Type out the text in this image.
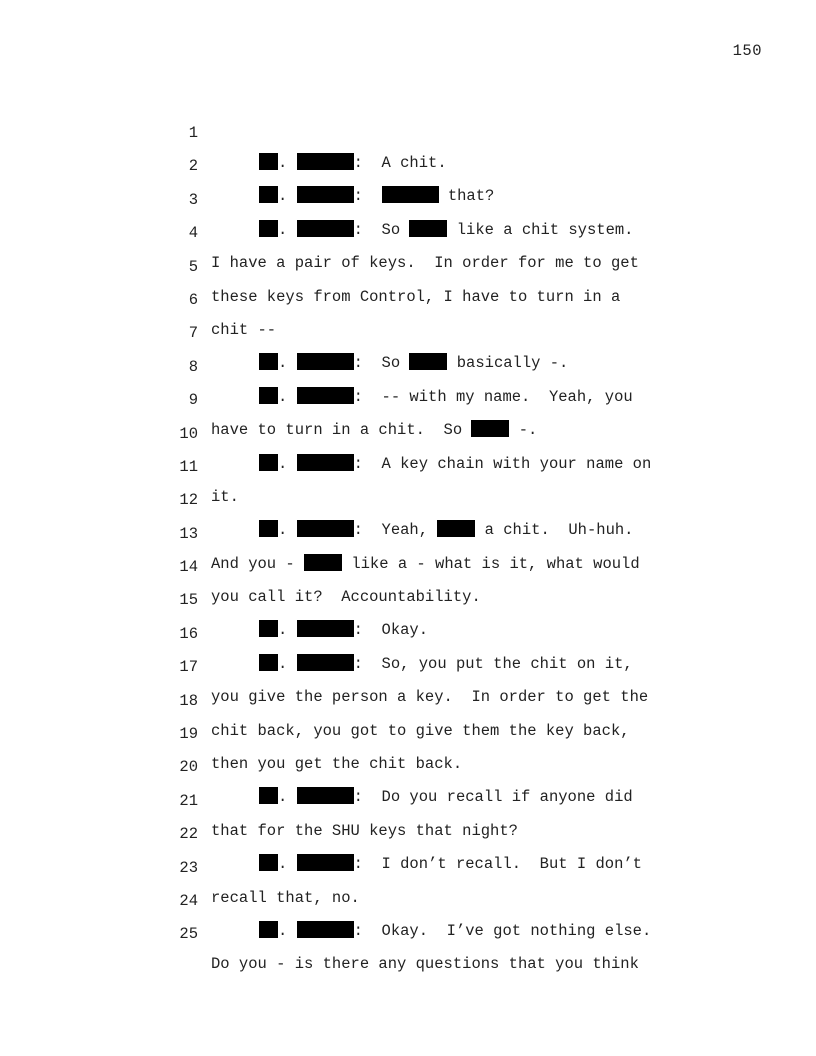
150

1

.	:  A chit.

2

.	:	that?

3

.	:  So  like a chit system.

4

I have a pair of keys.  In order for me to get

5

these keys from Control, I have to turn in a

6

chit --

7

.	:  So  basically -.

8

.	:  -- with my name.  Yeah, you

9

have to turn in a chit.  So  -.

10

.	:  A key chain with your name on

11

it.

12

.	:  Yeah,  a chit.  Uh-huh.

13

And you -  like a - what is it, what would

14

you call it?  Accountability.

15

.	:  Okay.

16

.	:  So, you put the chit on it,

17

you give the person a key.  In order to get the

18

chit back, you got to give them the key back,

19

then you get the chit back.

20

.	:  Do you recall if anyone did

21

that for the SHU keys that night?

22

.	:  I don’t recall.  But I don’t

23

recall that, no.

24

.	:  Okay.  I’ve got nothing else.

25

Do you - is there any questions that you think
